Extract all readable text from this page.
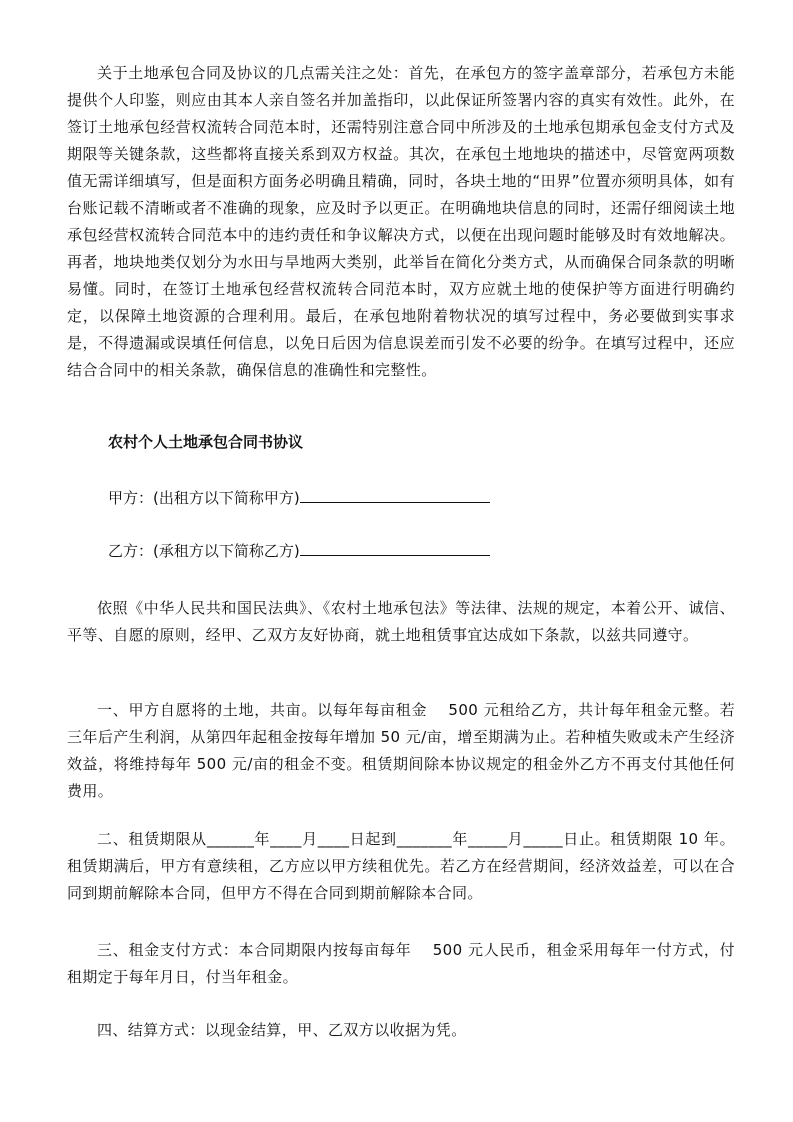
关于土地承包合同及协议的几点需关注之处：首先，在承包方的签字盖章部分，若承包方未能提供个人印鉴，则应由其本人亲自签名并加盖指印，以此保证所签署内容的真实有效性。此外，在签订土地承包经营权流转合同范本时，还需特别注意合同中所涉及的土地承包期承包金支付方式及期限等关键条款，这些都将直接关系到双方权益。其次，在承包土地地块的描述中，尽管宽两项数值无需详细填写，但是面积方面务必明确且精确，同时，各块土地的“田界”位置亦须明具体，如有台账记载不清晰或者不准确的现象，应及时予以更正。在明确地块信息的同时，还需仔细阅读土地承包经营权流转合同范本中的违约责任和争议解决方式，以便在出现问题时能够及时有效地解决。再者，地块地类仅划分为水田与旱地两大类别，此举旨在简化分类方式，从而确保合同条款的明晰易懂。同时，在签订土地承包经营权流转合同范本时，双方应就土地的使保护等方面进行明确约定，以保障土地资源的合理利用。最后，在承包地附着物状况的填写过程中，务必要做到实事求是，不得遗漏或误填任何信息，以免日后因为信息误差而引发不必要的纷争。在填写过程中，还应结合合同中的相关条款，确保信息的准确性和完整性。

农村个人土地承包合同书协议

甲方：(出租方以下简称甲方)

乙方：(承租方以下简称乙方)

依照《中华人民共和国民法典》、《农村土地承包法》等法律、法规的规定，本着公开、诚信、平等、自愿的原则，经甲、乙双方友好协商，就土地租赁事宜达成如下条款，以兹共同遵守。

一、甲方自愿将的土地，共亩。以每年每亩租金　 500 元租给乙方，共计每年租金元整。若三年后产生利润，从第四年起租金按每年增加 50 元/亩，增至期满为止。若种植失败或未产生经济效益，将维持每年 500 元/亩的租金不变。租赁期间除本协议规定的租金外乙方不再支付其他任何费用。

二、租赁期限从______年____月____日起到_______年_____月_____日止。租赁期限 10 年。租赁期满后，甲方有意续租，乙方应以甲方续租优先。若乙方在经营期间，经济效益差，可以在合同到期前解除本合同，但甲方不得在合同到期前解除本合同。

三、租金支付方式：本合同期限内按每亩每年　 500 元人民币，租金采用每年一付方式，付租期定于每年月日，付当年租金。

四、结算方式：以现金结算，甲、乙双方以收据为凭。
